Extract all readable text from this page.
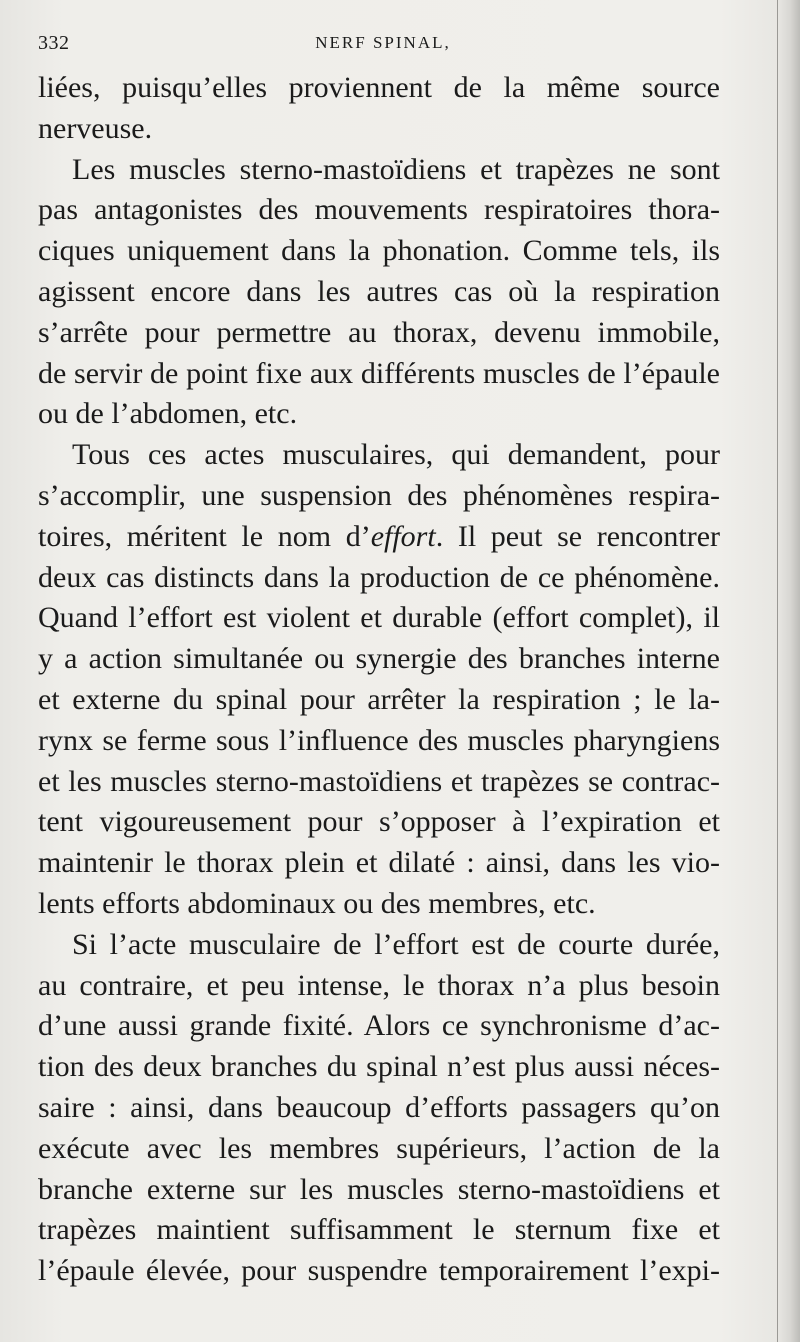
332	NERF SPINAL,
liées, puisqu’elles proviennent de la même source
nerveuse.
Les muscles sterno-mastoïdiens et trapèzes ne sont
pas antagonistes des mouvements respiratoires thora-
ciques uniquement dans la phonation. Comme tels, ils
agissent encore dans les autres cas où la respiration
s’arrête pour permettre au thorax, devenu immobile,
de servir de point fixe aux différents muscles de l’épaule
ou de l’abdomen, etc.
Tous ces actes musculaires, qui demandent, pour
s’accomplir, une suspension des phénomènes respira-
toires, méritent le nom d’effort. Il peut se rencontrer
deux cas distincts dans la production de ce phénomène.
Quand l’effort est violent et durable (effort complet), il
y a action simultanée ou synergie des branches interne
et externe du spinal pour arrêter la respiration ; le la-
rynx se ferme sous l’influence des muscles pharyngiens
et les muscles sterno-mastoïdiens et trapèzes se contrac-
tent vigoureusement pour s’opposer à l’expiration et
maintenir le thorax plein et dilaté : ainsi, dans les vio-
lents efforts abdominaux ou des membres, etc.
Si l’acte musculaire de l’effort est de courte durée,
au contraire, et peu intense, le thorax n’a plus besoin
d’une aussi grande fixité. Alors ce synchronisme d’ac-
tion des deux branches du spinal n’est plus aussi néces-
saire : ainsi, dans beaucoup d’efforts passagers qu’on
exécute avec les membres supérieurs, l’action de la
branche externe sur les muscles sterno-mastoïdiens et
trapèzes maintient suffisamment le sternum fixe et
l’épaule élevée, pour suspendre temporairement l’expi-
